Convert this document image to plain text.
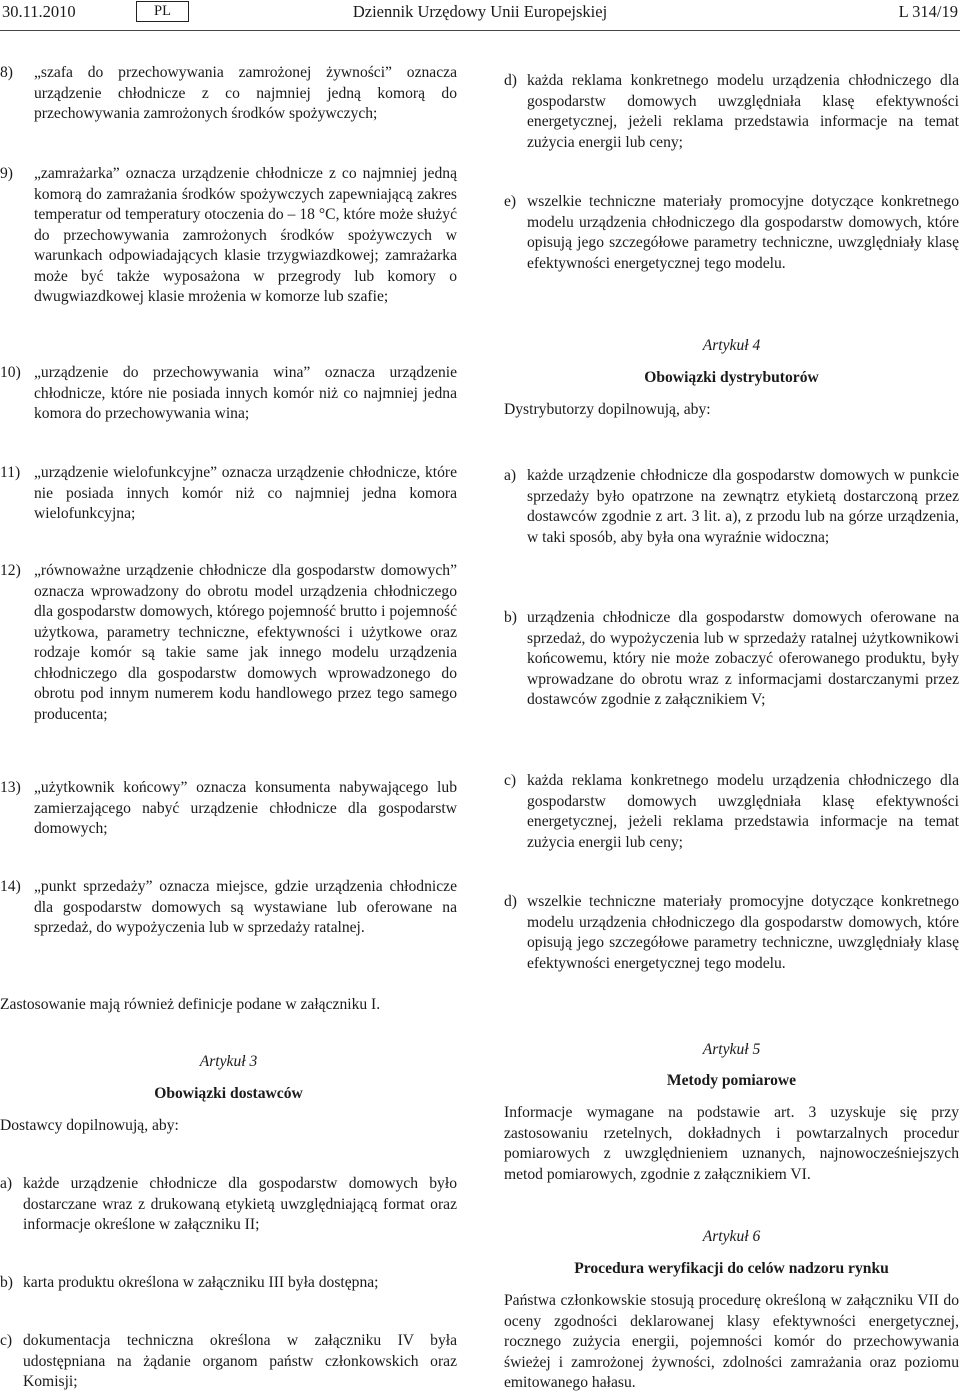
30.11.2010	PL	Dziennik Urzędowy Unii Europejskiej	L 314/19
8)	„szafa do przechowywania zamrożonej żywności” oznacza urządzenie chłodnicze z co najmniej jedną komorą do przechowywania zamrożonych środków spożywczych;
9)	„zamrażarka” oznacza urządzenie chłodnicze z co najmniej jedną komorą do zamrażania środków spożywczych zapewniającą zakres temperatur od temperatury otoczenia do – 18 °C, które może służyć do przechowywania zamrożonych środków spożywczych w warunkach odpowiadających klasie trzygwiazdkowej; zamrażarka może być także wyposażona w przegrody lub komory o dwugwiazdkowej klasie mrożenia w komorze lub szafie;
10) „urządzenie do przechowywania wina” oznacza urządzenie chłodnicze, które nie posiada innych komór niż co najmniej jedna komora do przechowywania wina;
11) „urządzenie wielofunkcyjne” oznacza urządzenie chłodnicze, które nie posiada innych komór niż co najmniej jedna komora wielofunkcyjna;
12) „równoważne urządzenie chłodnicze dla gospodarstw domowych” oznacza wprowadzony do obrotu model urządzenia chłodniczego dla gospodarstw domowych, którego pojemność brutto i pojemność użytkowa, parametry techniczne, efektywności i użytkowe oraz rodzaje komór są takie same jak innego modelu urządzenia chłodniczego dla gospodarstw domowych wprowadzonego do obrotu pod innym numerem kodu handlowego przez tego samego producenta;
13) „użytkownik końcowy” oznacza konsumenta nabywającego lub zamierzającego nabyć urządzenie chłodnicze dla gospodarstw domowych;
14) „punkt sprzedaży” oznacza miejsce, gdzie urządzenia chłodnicze dla gospodarstw domowych są wystawiane lub oferowane na sprzedaż, do wypożyczenia lub w sprzedaży ratalnej.
Zastosowanie mają również definicje podane w załączniku I.
Artykuł 3
Obowiązki dostawców
Dostawcy dopilnowują, aby:
a) każde urządzenie chłodnicze dla gospodarstw domowych było dostarczane wraz z drukowaną etykietą uwzględniającą format oraz informacje określone w załączniku II;
b) karta produktu określona w załączniku III była dostępna;
c) dokumentacja techniczna określona w załączniku IV była udostępniana na żądanie organom państw członkowskich oraz Komisji;
d) każda reklama konkretnego modelu urządzenia chłodniczego dla gospodarstw domowych uwzględniała klasę efektywności energetycznej, jeżeli reklama przedstawia informacje na temat zużycia energii lub ceny;
e) wszelkie techniczne materiały promocyjne dotyczące konkretnego modelu urządzenia chłodniczego dla gospodarstw domowych, które opisują jego szczegółowe parametry techniczne, uwzględniały klasę efektywności energetycznej tego modelu.
Artykuł 4
Obowiązki dystrybutorów
Dystrybutorzy dopilnowują, aby:
a) każde urządzenie chłodnicze dla gospodarstw domowych w punkcie sprzedaży było opatrzone na zewnątrz etykietą dostarczoną przez dostawców zgodnie z art. 3 lit. a), z przodu lub na górze urządzenia, w taki sposób, aby była ona wyraźnie widoczna;
b) urządzenia chłodnicze dla gospodarstw domowych oferowane na sprzedaż, do wypożyczenia lub w sprzedaży ratalnej użytkownikowi końcowemu, który nie może zobaczyć oferowanego produktu, były wprowadzane do obrotu wraz z informacjami dostarczanymi przez dostawców zgodnie z załącznikiem V;
c) każda reklama konkretnego modelu urządzenia chłodniczego dla gospodarstw domowych uwzględniała klasę efektywności energetycznej, jeżeli reklama przedstawia informacje na temat zużycia energii lub ceny;
d) wszelkie techniczne materiały promocyjne dotyczące konkretnego modelu urządzenia chłodniczego dla gospodarstw domowych, które opisują jego szczegółowe parametry techniczne, uwzględniały klasę efektywności energetycznej tego modelu.
Artykuł 5
Metody pomiarowe
Informacje wymagane na podstawie art. 3 uzyskuje się przy zastosowaniu rzetelnych, dokładnych i powtarzalnych procedur pomiarowych z uwzględnieniem uznanych, najnowocześniejszych metod pomiarowych, zgodnie z załącznikiem VI.
Artykuł 6
Procedura weryfikacji do celów nadzoru rynku
Państwa członkowskie stosują procedurę określoną w załączniku VII do oceny zgodności deklarowanej klasy efektywności energetycznej, rocznego zużycia energii, pojemności komór do przechowywania świeżej i zamrożonej żywności, zdolności zamrażania oraz poziomu emitowanego hałasu.
